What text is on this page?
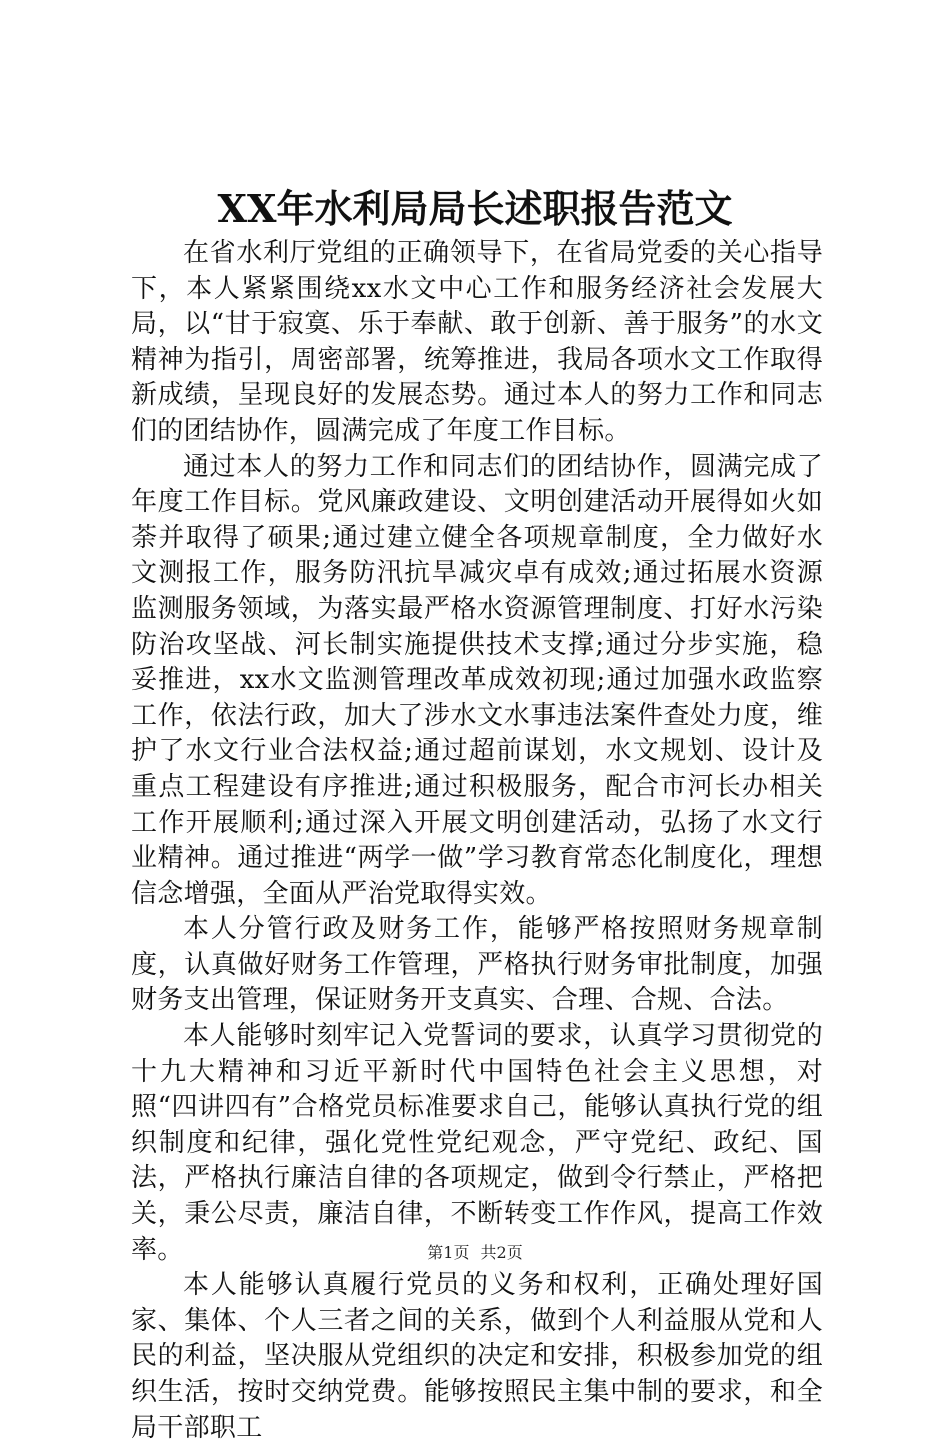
XX年水利局局长述职报告范文

在省水利厅党组的正确领导下，在省局党委的关心指导下，本人紧紧围绕xx水文中心工作和服务经济社会发展大局，以“甘于寂寞、乐于奉献、敢于创新、善于服务”的水文精神为指引，周密部署，统筹推进，我局各项水文工作取得新成绩，呈现良好的发展态势。通过本人的努力工作和同志们的团结协作，圆满完成了年度工作目标。

通过本人的努力工作和同志们的团结协作，圆满完成了年度工作目标。党风廉政建设、文明创建活动开展得如火如荼并取得了硕果;通过建立健全各项规章制度，全力做好水文测报工作，服务防汛抗旱减灾卓有成效;通过拓展水资源监测服务领域，为落实最严格水资源管理制度、打好水污染防治攻坚战、河长制实施提供技术支撑;通过分步实施，稳妥推进，xx水文监测管理改革成效初现;通过加强水政监察工作，依法行政，加大了涉水文水事违法案件查处力度，维护了水文行业合法权益;通过超前谋划，水文规划、设计及重点工程建设有序推进;通过积极服务，配合市河长办相关工作开展顺利;通过深入开展文明创建活动，弘扬了水文行业精神。通过推进“两学一做”学习教育常态化制度化，理想信念增强，全面从严治党取得实效。

本人分管行政及财务工作，能够严格按照财务规章制度，认真做好财务工作管理，严格执行财务审批制度，加强财务支出管理，保证财务开支真实、合理、合规、合法。

本人能够时刻牢记入党誓词的要求，认真学习贯彻党的十九大精神和习近平新时代中国特色社会主义思想，对照“四讲四有”合格党员标准要求自己，能够认真执行党的组织制度和纪律，强化党性党纪观念，严守党纪、政纪、国法，严格执行廉洁自律的各项规定，做到令行禁止，严格把关，秉公尽责，廉洁自律，不断转变工作作风，提高工作效率。

本人能够认真履行党员的义务和权利，正确处理好国家、集体、个人三者之间的关系，做到个人利益服从党和人民的利益，坚决服从党组织的决定和安排，积极参加党的组织生活，按时交纳党费。能够按照民主集中制的要求，和全局干部职工

第1页 共2页
